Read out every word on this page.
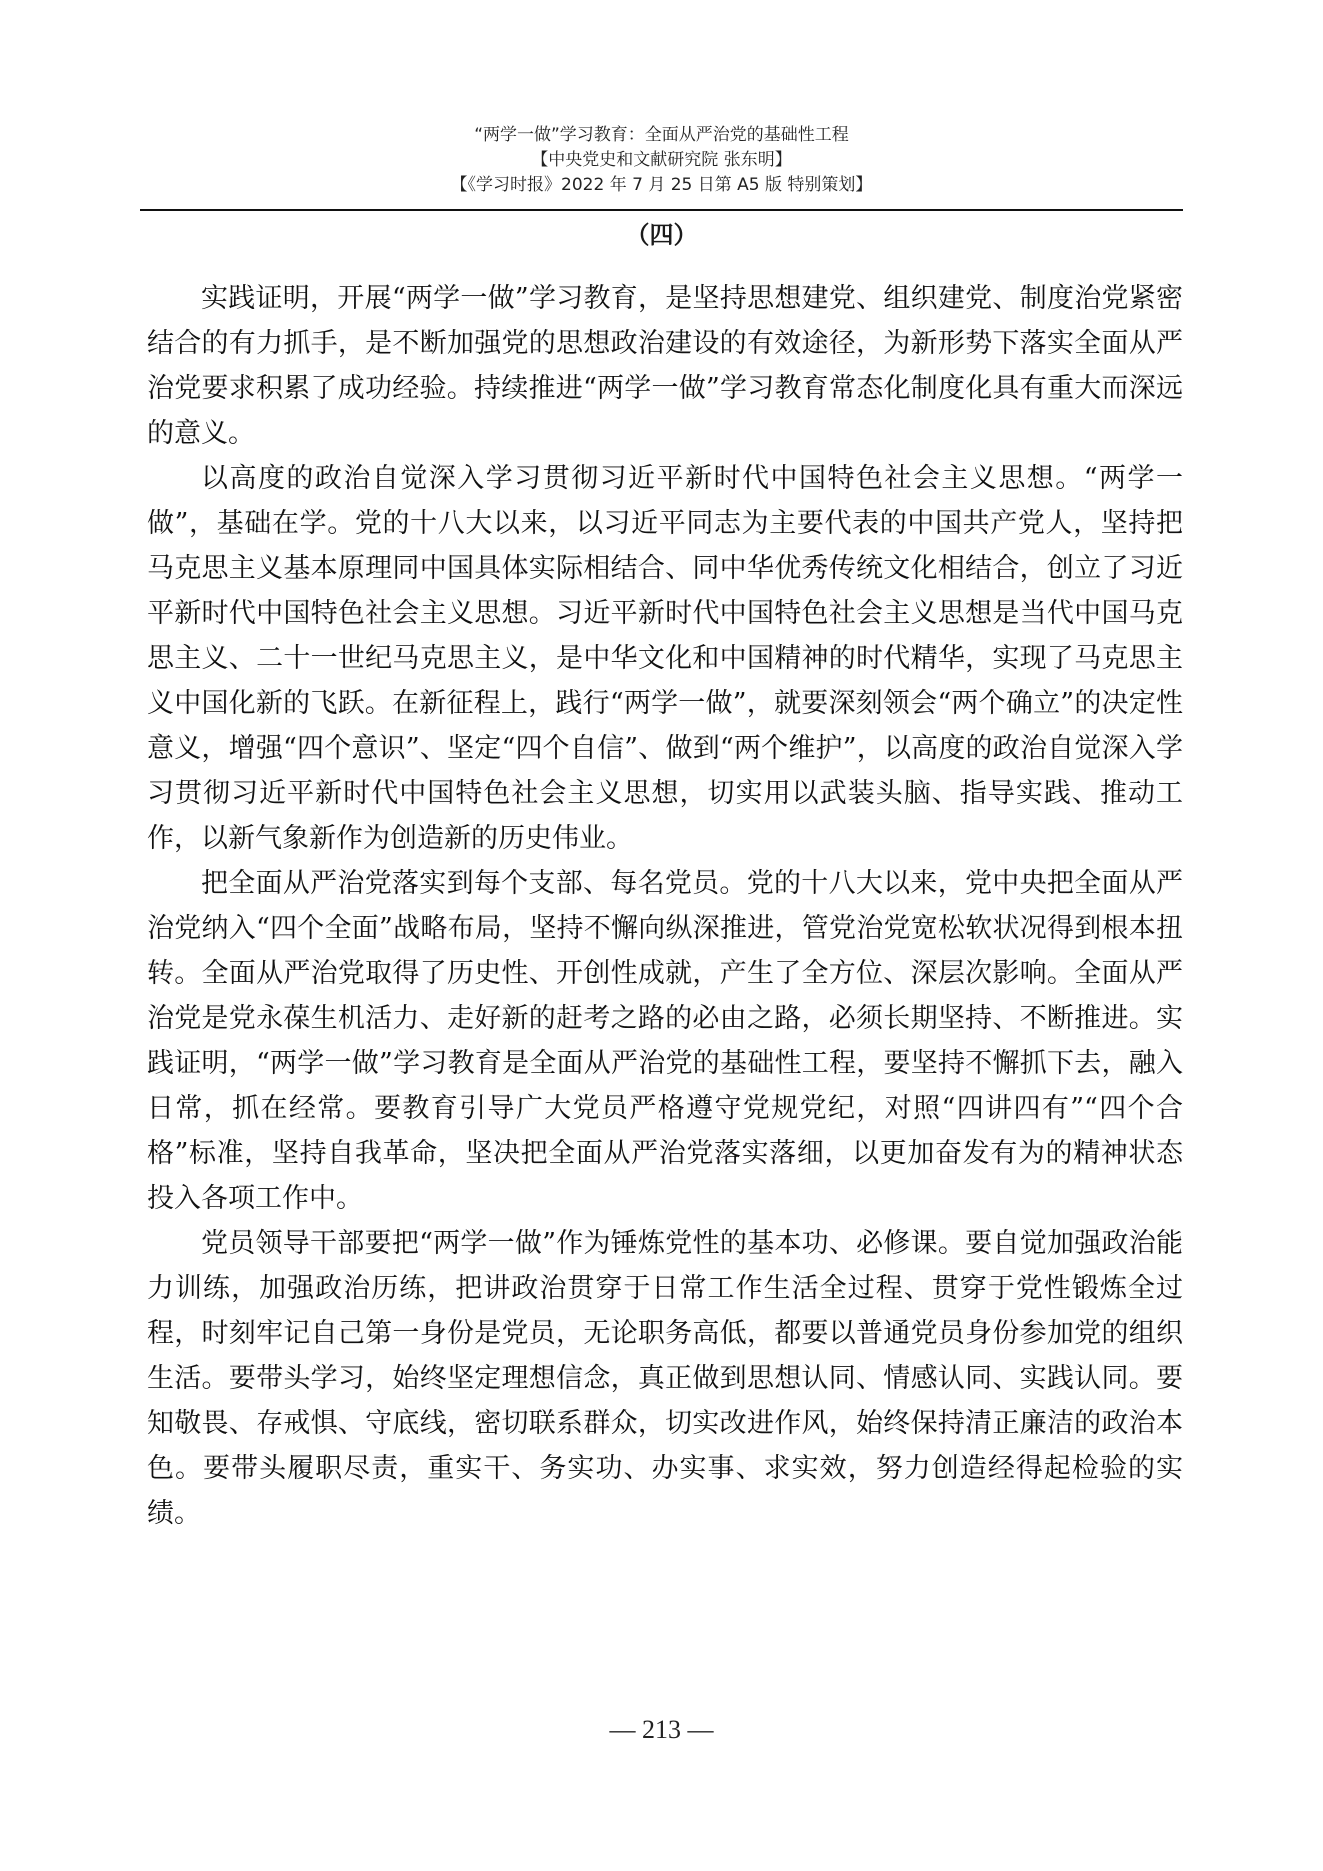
“两学一做”学习教育：全面从严治党的基础性工程
【中央党史和文献研究院 张东明】
【《学习时报》2022 年 7 月 25 日第 A5 版 特别策划】
（四）

实践证明，开展“两学一做”学习教育，是坚持思想建党、组织建党、制度治党紧密结合的有力抓手，是不断加强党的思想政治建设的有效途径，为新形势下落实全面从严治党要求积累了成功经验。持续推进“两学一做”学习教育常态化制度化具有重大而深远的意义。

以高度的政治自觉深入学习贯彻习近平新时代中国特色社会主义思想。“两学一做”，基础在学。党的十八大以来，以习近平同志为主要代表的中国共产党人，坚持把马克思主义基本原理同中国具体实际相结合、同中华优秀传统文化相结合，创立了习近平新时代中国特色社会主义思想。习近平新时代中国特色社会主义思想是当代中国马克思主义、二十一世纪马克思主义，是中华文化和中国精神的时代精华，实现了马克思主义中国化新的飞跃。在新征程上，践行“两学一做”，就要深刻领会“两个确立”的决定性意义，增强“四个意识”、坚定“四个自信”、做到“两个维护”，以高度的政治自觉深入学习贯彻习近平新时代中国特色社会主义思想，切实用以武装头脑、指导实践、推动工作，以新气象新作为创造新的历史伟业。

把全面从严治党落实到每个支部、每名党员。党的十八大以来，党中央把全面从严治党纳入“四个全面”战略布局，坚持不懈向纵深推进，管党治党宽松软状况得到根本扭转。全面从严治党取得了历史性、开创性成就，产生了全方位、深层次影响。全面从严治党是党永葆生机活力、走好新的赶考之路的必由之路，必须长期坚持、不断推进。实践证明，“两学一做”学习教育是全面从严治党的基础性工程，要坚持不懈抓下去，融入日常，抓在经常。要教育引导广大党员严格遵守党规党纪，对照“四讲四有”“四个合格”标准，坚持自我革命，坚决把全面从严治党落实落细，以更加奋发有为的精神状态投入各项工作中。

党员领导干部要把“两学一做”作为锤炼党性的基本功、必修课。要自觉加强政治能力训练，加强政治历练，把讲政治贯穿于日常工作生活全过程、贯穿于党性锻炼全过程，时刻牢记自己第一身份是党员，无论职务高低，都要以普通党员身份参加党的组织生活。要带头学习，始终坚定理想信念，真正做到思想认同、情感认同、实践认同。要知敬畏、存戒惧、守底线，密切联系群众，切实改进作风，始终保持清正廉洁的政治本色。要带头履职尽责，重实干、务实功、办实事、求实效，努力创造经得起检验的实绩。

— 213 —
